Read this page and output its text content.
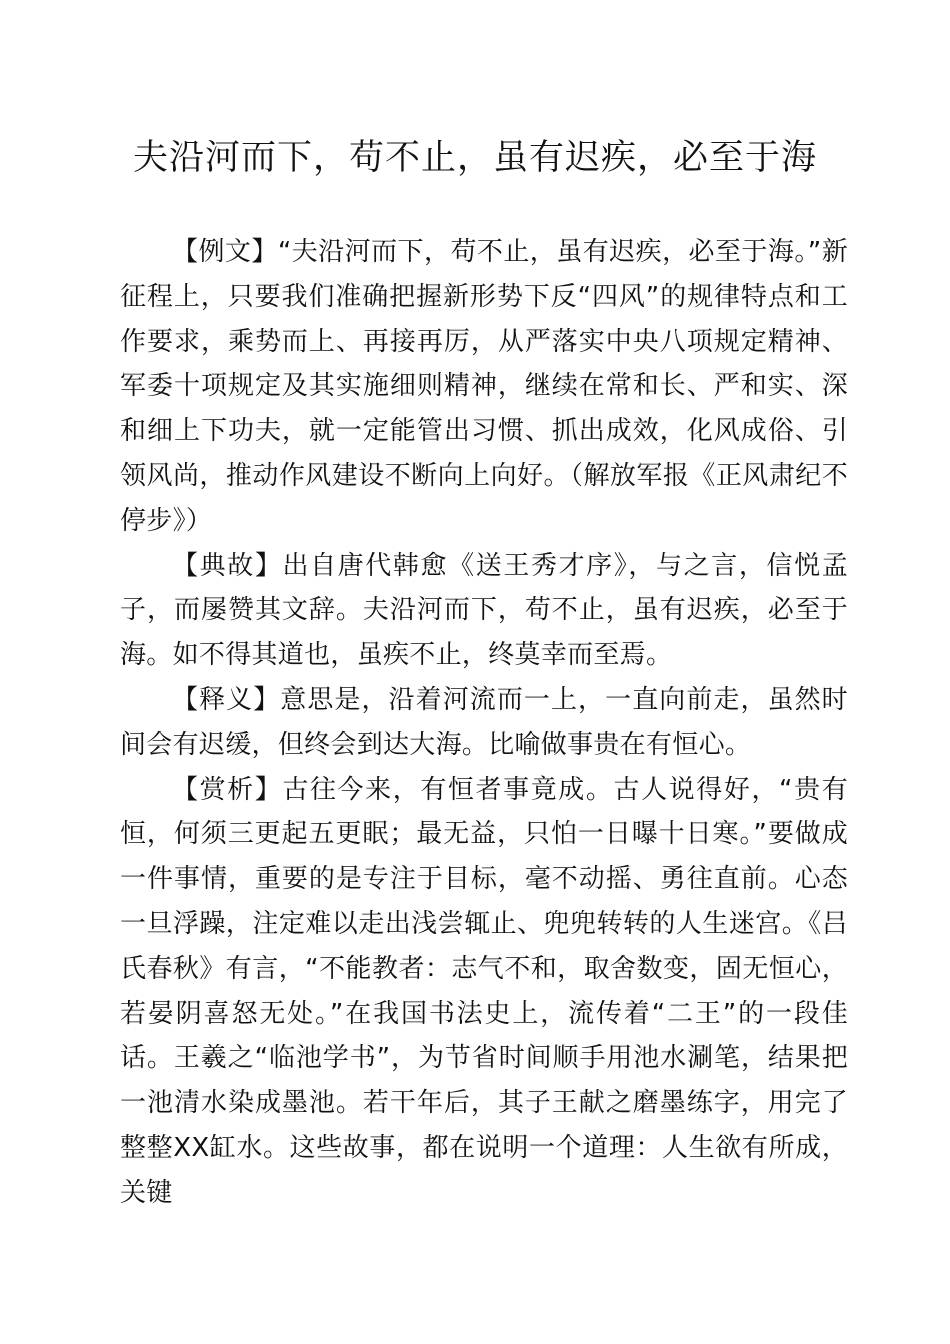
夫沿河而下，苟不止，虽有迟疾，必至于海

【例文】“夫沿河而下，苟不止，虽有迟疾，必至于海。”新征程上，只要我们准确把握新形势下反“四风”的规律特点和工作要求，乘势而上、再接再厉，从严落实中央八项规定精神、军委十项规定及其实施细则精神，继续在常和长、严和实、深和细上下功夫，就一定能管出习惯、抓出成效，化风成俗、引领风尚，推动作风建设不断向上向好。（解放军报《正风肃纪不停步》）

【典故】出自唐代韩愈《送王秀才序》，与之言，信悦孟子，而屡赞其文辞。夫沿河而下，苟不止，虽有迟疾，必至于海。如不得其道也，虽疾不止，终莫幸而至焉。

【释义】意思是，沿着河流而一上，一直向前走，虽然时间会有迟缓，但终会到达大海。比喻做事贵在有恒心。

【赏析】古往今来，有恒者事竟成。古人说得好，“贵有恒，何须三更起五更眠；最无益，只怕一日曝十日寒。”要做成一件事情，重要的是专注于目标，毫不动摇、勇往直前。心态一旦浮躁，注定难以走出浅尝辄止、兜兜转转的人生迷宫。《吕氏春秋》有言，“不能教者：志气不和，取舍数变，固无恒心，若晏阴喜怒无处。”在我国书法史上，流传着“二王”的一段佳话。王羲之“临池学书”，为节省时间顺手用池水涮笔，结果把一池清水染成墨池。若干年后，其子王献之磨墨练字，用完了整整XX缸水。这些故事，都在说明一个道理：人生欲有所成，关键
